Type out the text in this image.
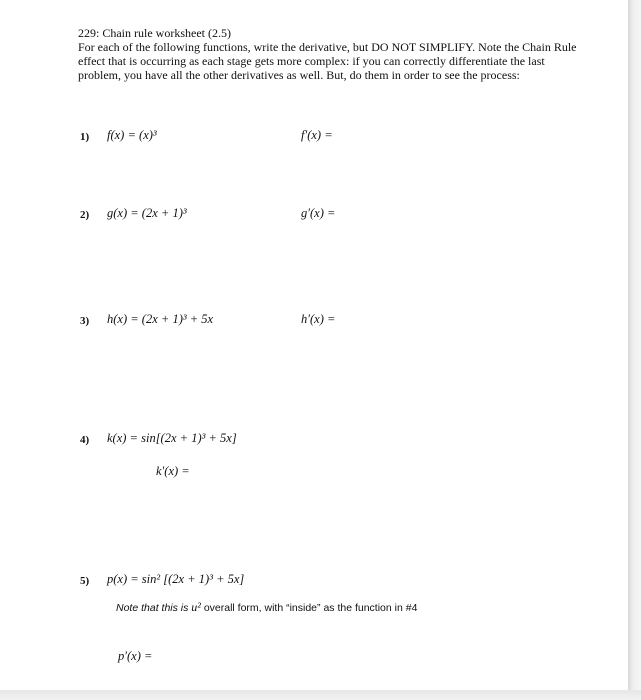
229: Chain rule worksheet (2.5)
For each of the following functions, write the derivative, but DO NOT SIMPLIFY. Note the Chain Rule effect that is occurring as each stage gets more complex: if you can correctly differentiate the last problem, you have all the other derivatives as well. But, do them in order to see the process:
1) f(x) = (x)³	f′(x) =
2) g(x) = (2x + 1)³	g′(x) =
3) h(x) = (2x + 1)³ + 5x	h′(x) =
4) k(x) = sin[(2x + 1)³ + 5x]
k′(x) =
5) p(x) = sin² [(2x + 1)³ + 5x]
Note that this is u² overall form, with “inside” as the function in #4
p′(x) =
